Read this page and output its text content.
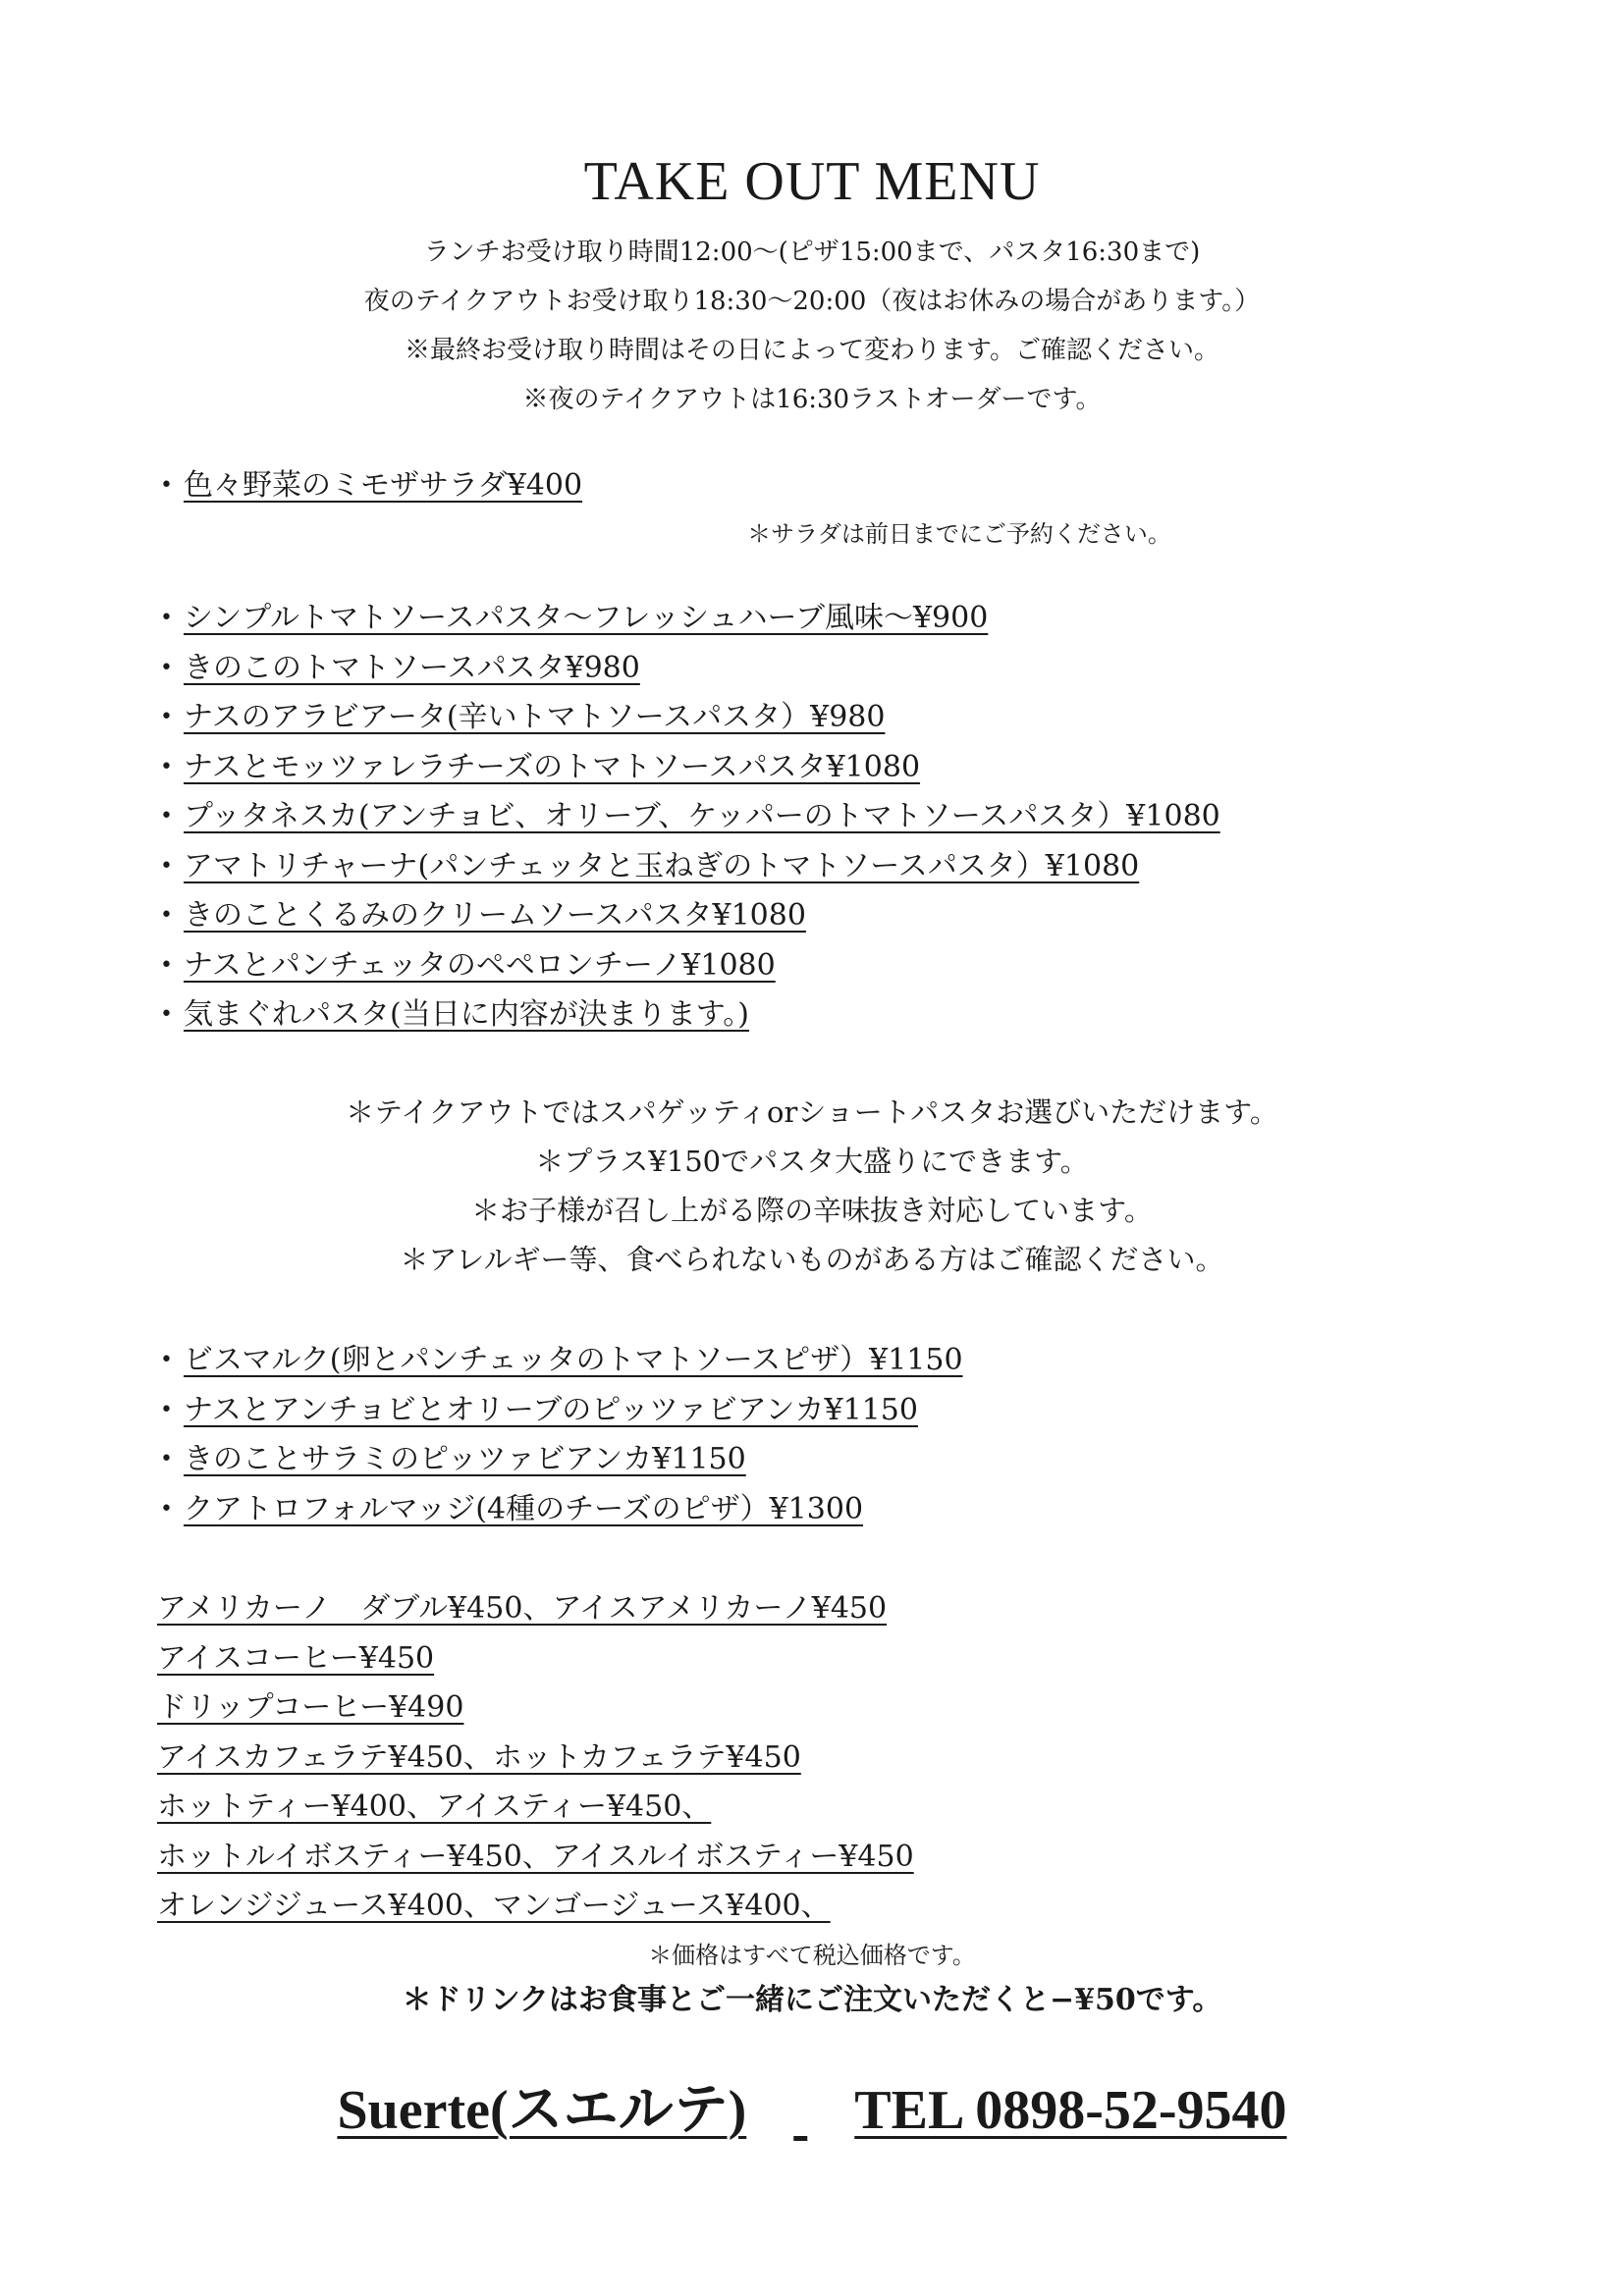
TAKE OUT MENU
ランチお受け取り時間12:00〜(ピザ15:00まで、パスタ16:30まで)
夜のテイクアウトお受け取り18:30〜20:00（夜はお休みの場合があります。）
※最終お受け取り時間はその日によって変わります。ご確認ください。
※夜のテイクアウトは16:30ラストオーダーです。
• 色々野菜のミモザサラダ¥400
＊サラダは前日までにご予約ください。
• シンプルトマトソースパスタ〜フレッシュハーブ風味〜¥900
• きのこのトマトソースパスタ¥980
• ナスのアラビアータ(辛いトマトソースパスタ）¥980
• ナスとモッツァレラチーズのトマトソースパスタ¥1080
• プッタネスカ(アンチョビ、オリーブ、ケッパーのトマトソースパスタ）¥1080
• アマトリチャーナ(パンチェッタと玉ねぎのトマトソースパスタ）¥1080
• きのことくるみのクリームソースパスタ¥1080
• ナスとパンチェッタのペペロンチーノ¥1080
• 気まぐれパスタ(当日に内容が決まります。)
＊テイクアウトではスパゲッティorショートパスタお選びいただけます。
＊プラス¥150でパスタ大盛りにできます。
＊お子様が召し上がる際の辛味抜き対応しています。
＊アレルギー等、食べられないものがある方はご確認ください。
• ビスマルク(卵とパンチェッタのトマトソースピザ）¥1150
• ナスとアンチョビとオリーブのピッツァビアンカ¥1150
• きのことサラミのピッツァビアンカ¥1150
• クアトロフォルマッジ(4種のチーズのピザ）¥1300
アメリカーノ　ダブル¥450、アイスアメリカーノ¥450
アイスコーヒー¥450
ドリップコーヒー¥490
アイスカフェラテ¥450、ホットカフェラテ¥450
ホットティー¥400、アイスティー¥450、
ホットルイボスティー¥450、アイスルイボスティー¥450
オレンジジュース¥400、マンゴージュース¥400、
＊価格はすべて税込価格です。
＊ドリンクはお食事とご一緒にご注文いただくと−¥50です。
Suerte(スエルテ) TEL 0898-52-9540
